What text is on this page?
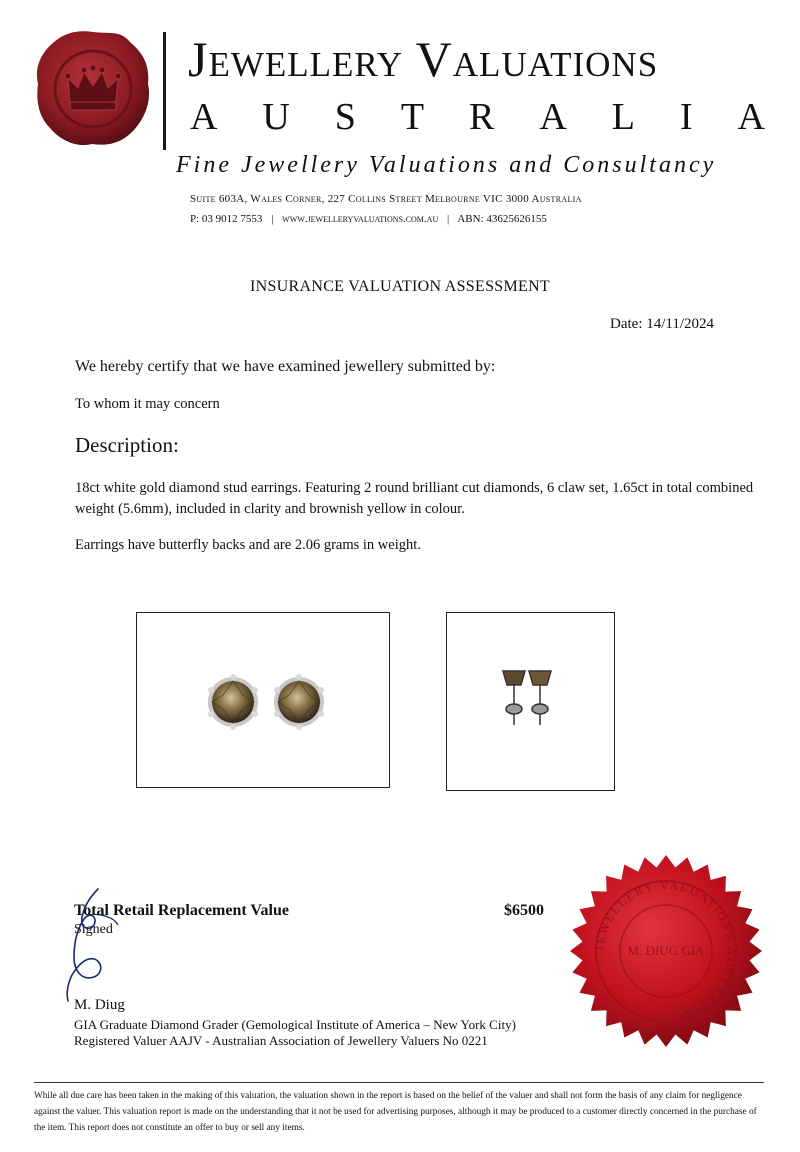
Jewellery Valuations
A U S T R A L I A
Fine Jewellery Valuations and Consultancy
Suite 603A, Wales Corner, 227 Collins Street Melbourne VIC 3000 Australia
P: 03 9012 7553 | www.jewelleryvaluations.com.au | ABN: 43625626155
INSURANCE VALUATION ASSESSMENT
Date: 14/11/2024
We hereby certify that we have examined jewellery submitted by:
To whom it may concern
Description:
18ct white gold diamond stud earrings. Featuring 2 round brilliant cut diamonds, 6 claw set, 1.65ct in total combined weight (5.6mm), included in clarity and brownish yellow in colour.
Earrings have butterfly backs and are 2.06 grams in weight.
Total Retail Replacement Value	$6500
Signed
M. Diug
GIA Graduate Diamond Grader (Gemological Institute of America – New York City)
Registered Valuer AAJV - Australian Association of Jewellery Valuers No 0221
JEWELLERY VALUATIONS AUSTRALIA
M. DIUG GIA
While all due care has been taken in the making of this valuation, the valuation shown in the report is based on the belief of the valuer and shall not form the basis of any claim for negligence against the valuer. This valuation report is made on the understanding that it not be used for advertising purposes, although it may be produced to a customer directly concerned in the purchase of the item. This report does not constitute an offer to buy or sell any items.
